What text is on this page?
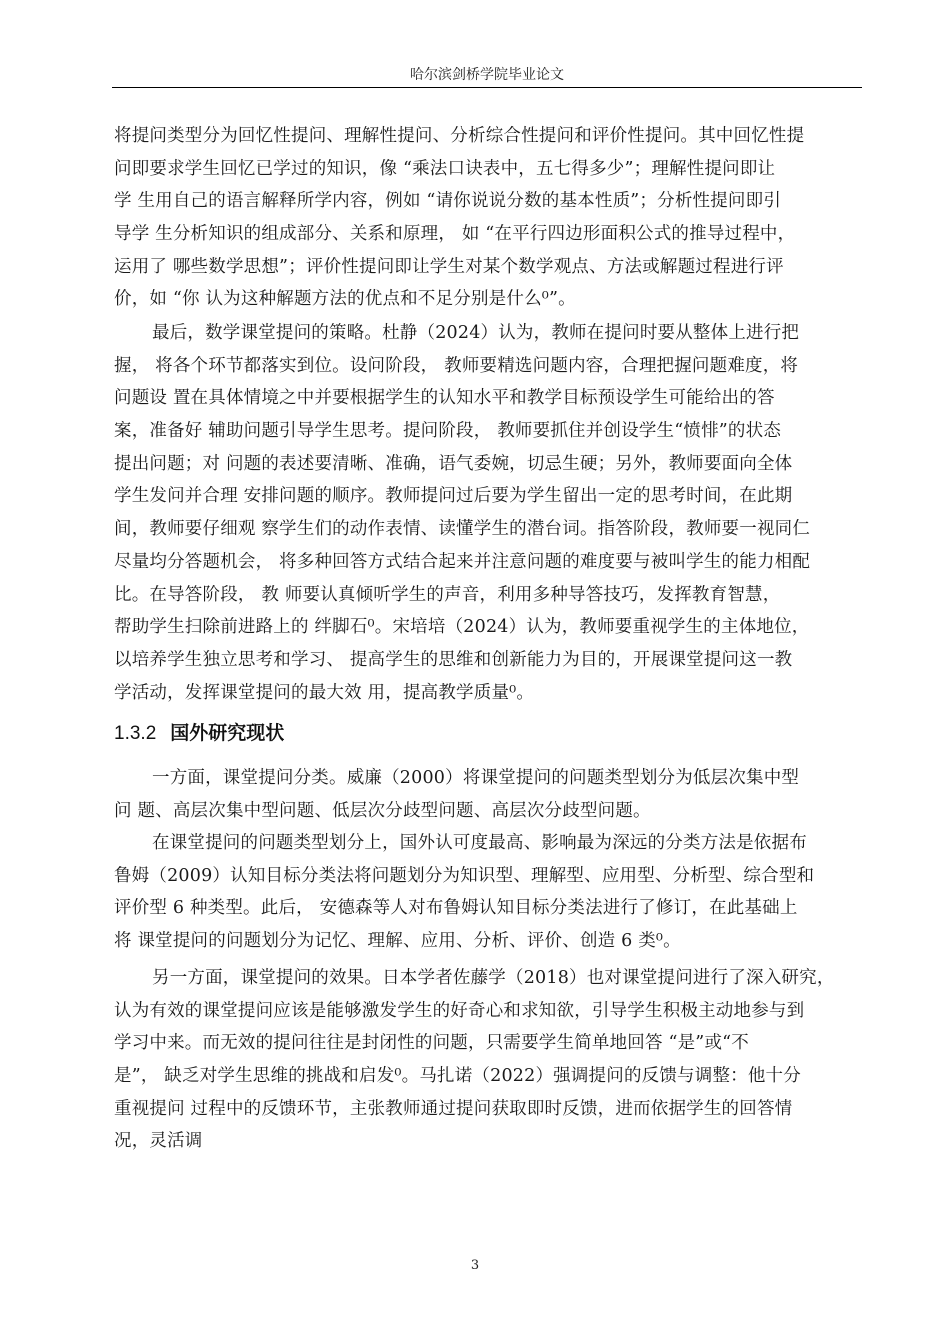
哈尔滨剑桥学院毕业论文
将提问类型分为回忆性提问、理解性提问、分析综合性提问和评价性提问。其中回忆性提
问即要求学生回忆已学过的知识，像 “乘法口诀表中，五七得多少”；理解性提问即让
学 生用自己的语言解释所学内容，例如 “请你说说分数的基本性质”；分析性提问即引
导学 生分析知识的组成部分、关系和原理， 如 “在平行四边形面积公式的推导过程中，
运用了 哪些数学思想”；评价性提问即让学生对某个数学观点、方法或解题过程进行评
价，如 “你 认为这种解题方法的优点和不足分别是什么⁰”。
最后，数学课堂提问的策略。杜静（2024）认为，教师在提问时要从整体上进行把
握， 将各个环节都落实到位。设问阶段， 教师要精选问题内容，合理把握问题难度，将
问题设 置在具体情境之中并要根据学生的认知水平和教学目标预设学生可能给出的答
案，准备好 辅助问题引导学生思考。提问阶段， 教师要抓住并创设学生“愤悱”的状态
提出问题；对 问题的表述要清晰、准确，语气委婉，切忌生硬；另外，教师要面向全体
学生发问并合理 安排问题的顺序。教师提问过后要为学生留出一定的思考时间，在此期
间，教师要仔细观 察学生们的动作表情、读懂学生的潜台词。指答阶段，教师要一视同仁
尽量均分答题机会， 将多种回答方式结合起来并注意问题的难度要与被叫学生的能力相配
比。在导答阶段， 教 师要认真倾听学生的声音，利用多种导答技巧，发挥教育智慧，
帮助学生扫除前进路上的 绊脚石⁰。宋培培（2024）认为，教师要重视学生的主体地位，
以培养学生独立思考和学习、 提高学生的思维和创新能力为目的，开展课堂提问这一教
学活动，发挥课堂提问的最大效 用，提高教学质量⁰。
1.3.2 国外研究现状
一方面，课堂提问分类。威廉（2000）将课堂提问的问题类型划分为低层次集中型
问 题、高层次集中型问题、低层次分歧型问题、高层次分歧型问题。
在课堂提问的问题类型划分上，国外认可度最高、影响最为深远的分类方法是依据布
鲁姆（2009）认知目标分类法将问题划分为知识型、理解型、应用型、分析型、综合型和
评价型 6 种类型。此后， 安德森等人对布鲁姆认知目标分类法进行了修订，在此基础上
将 课堂提问的问题划分为记忆、理解、应用、分析、评价、创造 6 类⁰。
另一方面，课堂提问的效果。日本学者佐藤学（2018）也对课堂提问进行了深入研究，
认为有效的课堂提问应该是能够激发学生的好奇心和求知欲，引导学生积极主动地参与到
学习中来。而无效的提问往往是封闭性的问题，只需要学生简单地回答 “是”或“不
是”， 缺乏对学生思维的挑战和启发⁰。马扎诺（2022）强调提问的反馈与调整：他十分
重视提问 过程中的反馈环节，主张教师通过提问获取即时反馈，进而依据学生的回答情
况，灵活调
3
